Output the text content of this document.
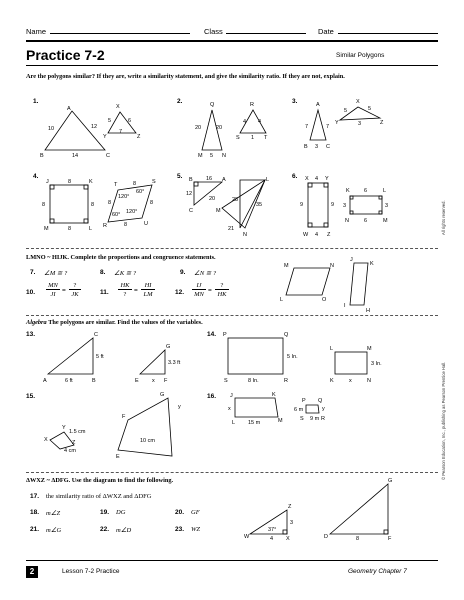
Name	Class	Date
Practice 7-2	Similar Polygons
Are the polygons similar? If they are, write a similarity statement, and give the similarity ratio. If they are not, explain.
1.	2.	3.
4.	5.	6.
A
B	C
10	12
14
X
Y	Z
5	6
7
Q
20	20
M 5 N
R
4 4
S 1 T
A
7	7
B 3 C
X
Y	Z
5	5
3
J	8	K
8	8
M	8	L
T	S
R	U
8
8
8
8
120°
60°
60° 120°
B 16 A
12
20
C
L
M
N
21
28
35
X 4 Y
9	9
W 4 Z
K	6	L
3	3
N	6	M
LMNO ~ HIJK. Complete the proportions and congruence statements.
7. ∠M ≅ ?	8. ∠K ≅ ?	9. ∠N ≅ ?
10.
MN
JI
=
?
JK	11.
HK
?
=
HI
LM	12.
IJ
MN
=
?
HK
M	N
L	O
J
K
I
H
Algebra The polygons are similar. Find the values of the variables.
13.	14.
15.	16.
C
5 ft
A	6 ft	B
G
3.3 ft
E x F
P	Q
5 In.
S	8 In.	R
L	M
3 In.
K	x	N
Y
X
1.5 cm
4 cm
Z
G
y
F
E
10 cm
J	K
x
L 15 m	M
P Q
6 m
S 9 m R
y
ΔWXZ ~ ΔDFG. Use the diagram to find the following.
17. the similarity ratio of ΔWXZ and ΔDFG
18. m∠Z	19. DG	20. GF
21. m∠G	22. m∠D	23. WZ
Z
3
W
37°
4 X
G
D	8	F
2	Lesson 7-2 Practice	Geometry Chapter 7
All rights reserved.
© Pearson Education, Inc., publishing as Pearson Prentice Hall.
